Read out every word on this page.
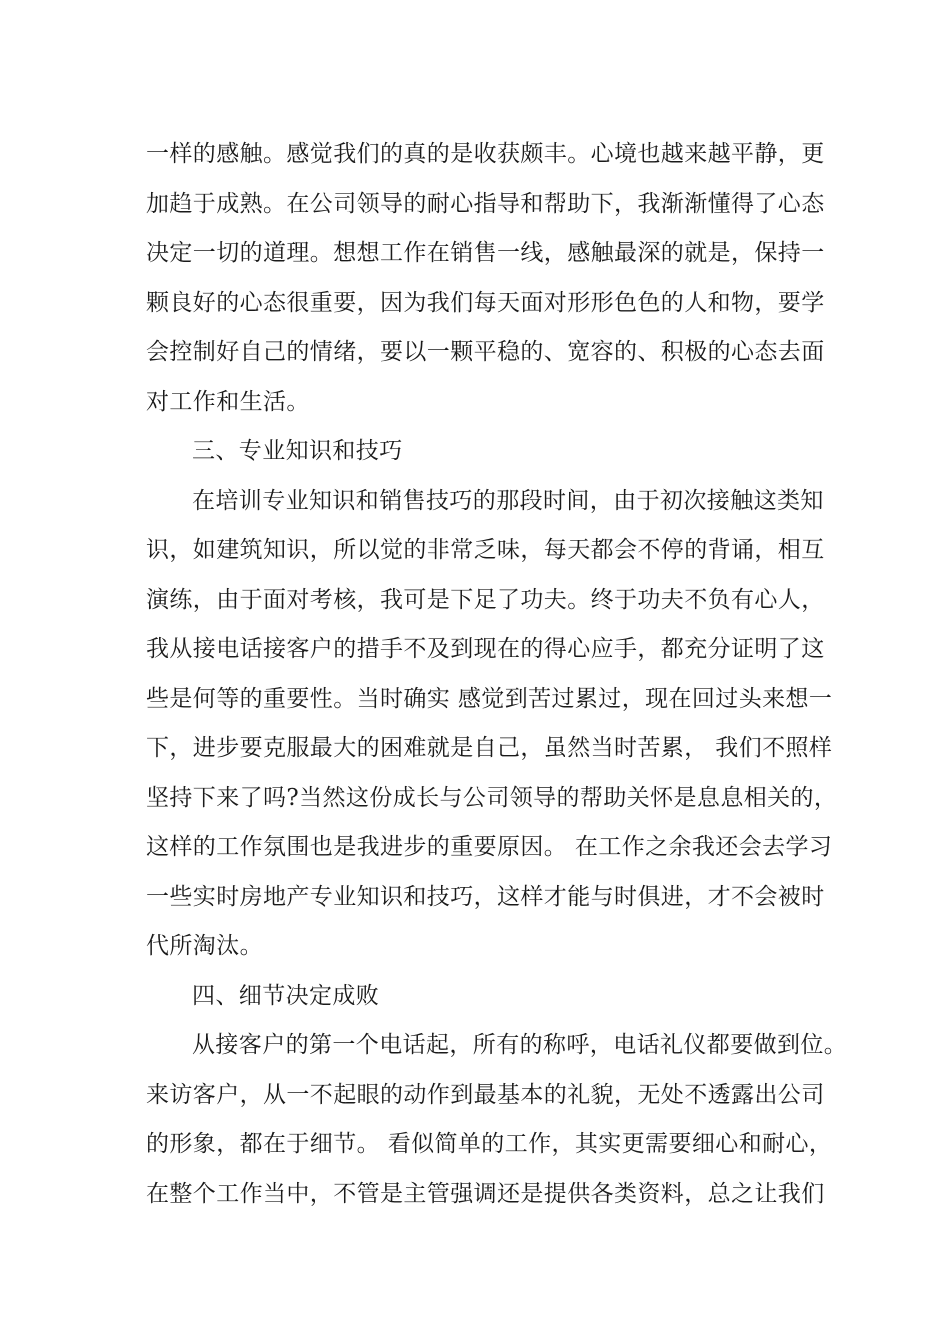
一样的感触。感觉我们的真的是收获颇丰。心境也越来越平静，更
加趋于成熟。在公司领导的耐心指导和帮助下，我渐渐懂得了心态
决定一切的道理。想想工作在销售一线，感触最深的就是，保持一
颗良好的心态很重要，因为我们每天面对形形色色的人和物，要学
会控制好自己的情绪，要以一颗平稳的、宽容的、积极的心态去面
对工作和生活。
三、专业知识和技巧
在培训专业知识和销售技巧的那段时间，由于初次接触这类知
识，如建筑知识，所以觉的非常乏味，每天都会不停的背诵，相互
演练，由于面对考核，我可是下足了功夫。终于功夫不负有心人，
我从接电话接客户的措手不及到现在的得心应手，都充分证明了这
些是何等的重要性。当时确实 感觉到苦过累过，现在回过头来想一
下，进步要克服最大的困难就是自己，虽然当时苦累， 我们不照样
坚持下来了吗?当然这份成长与公司领导的帮助关怀是息息相关的，
这样的工作氛围也是我进步的重要原因。 在工作之余我还会去学习
一些实时房地产专业知识和技巧，这样才能与时俱进，才不会被时
代所淘汰。
四、细节决定成败
从接客户的第一个电话起，所有的称呼，电话礼仪都要做到位。
来访客户，从一不起眼的动作到最基本的礼貌，无处不透露出公司
的形象，都在于细节。 看似简单的工作，其实更需要细心和耐心，
在整个工作当中，不管是主管强调还是提供各类资料，总之让我们
